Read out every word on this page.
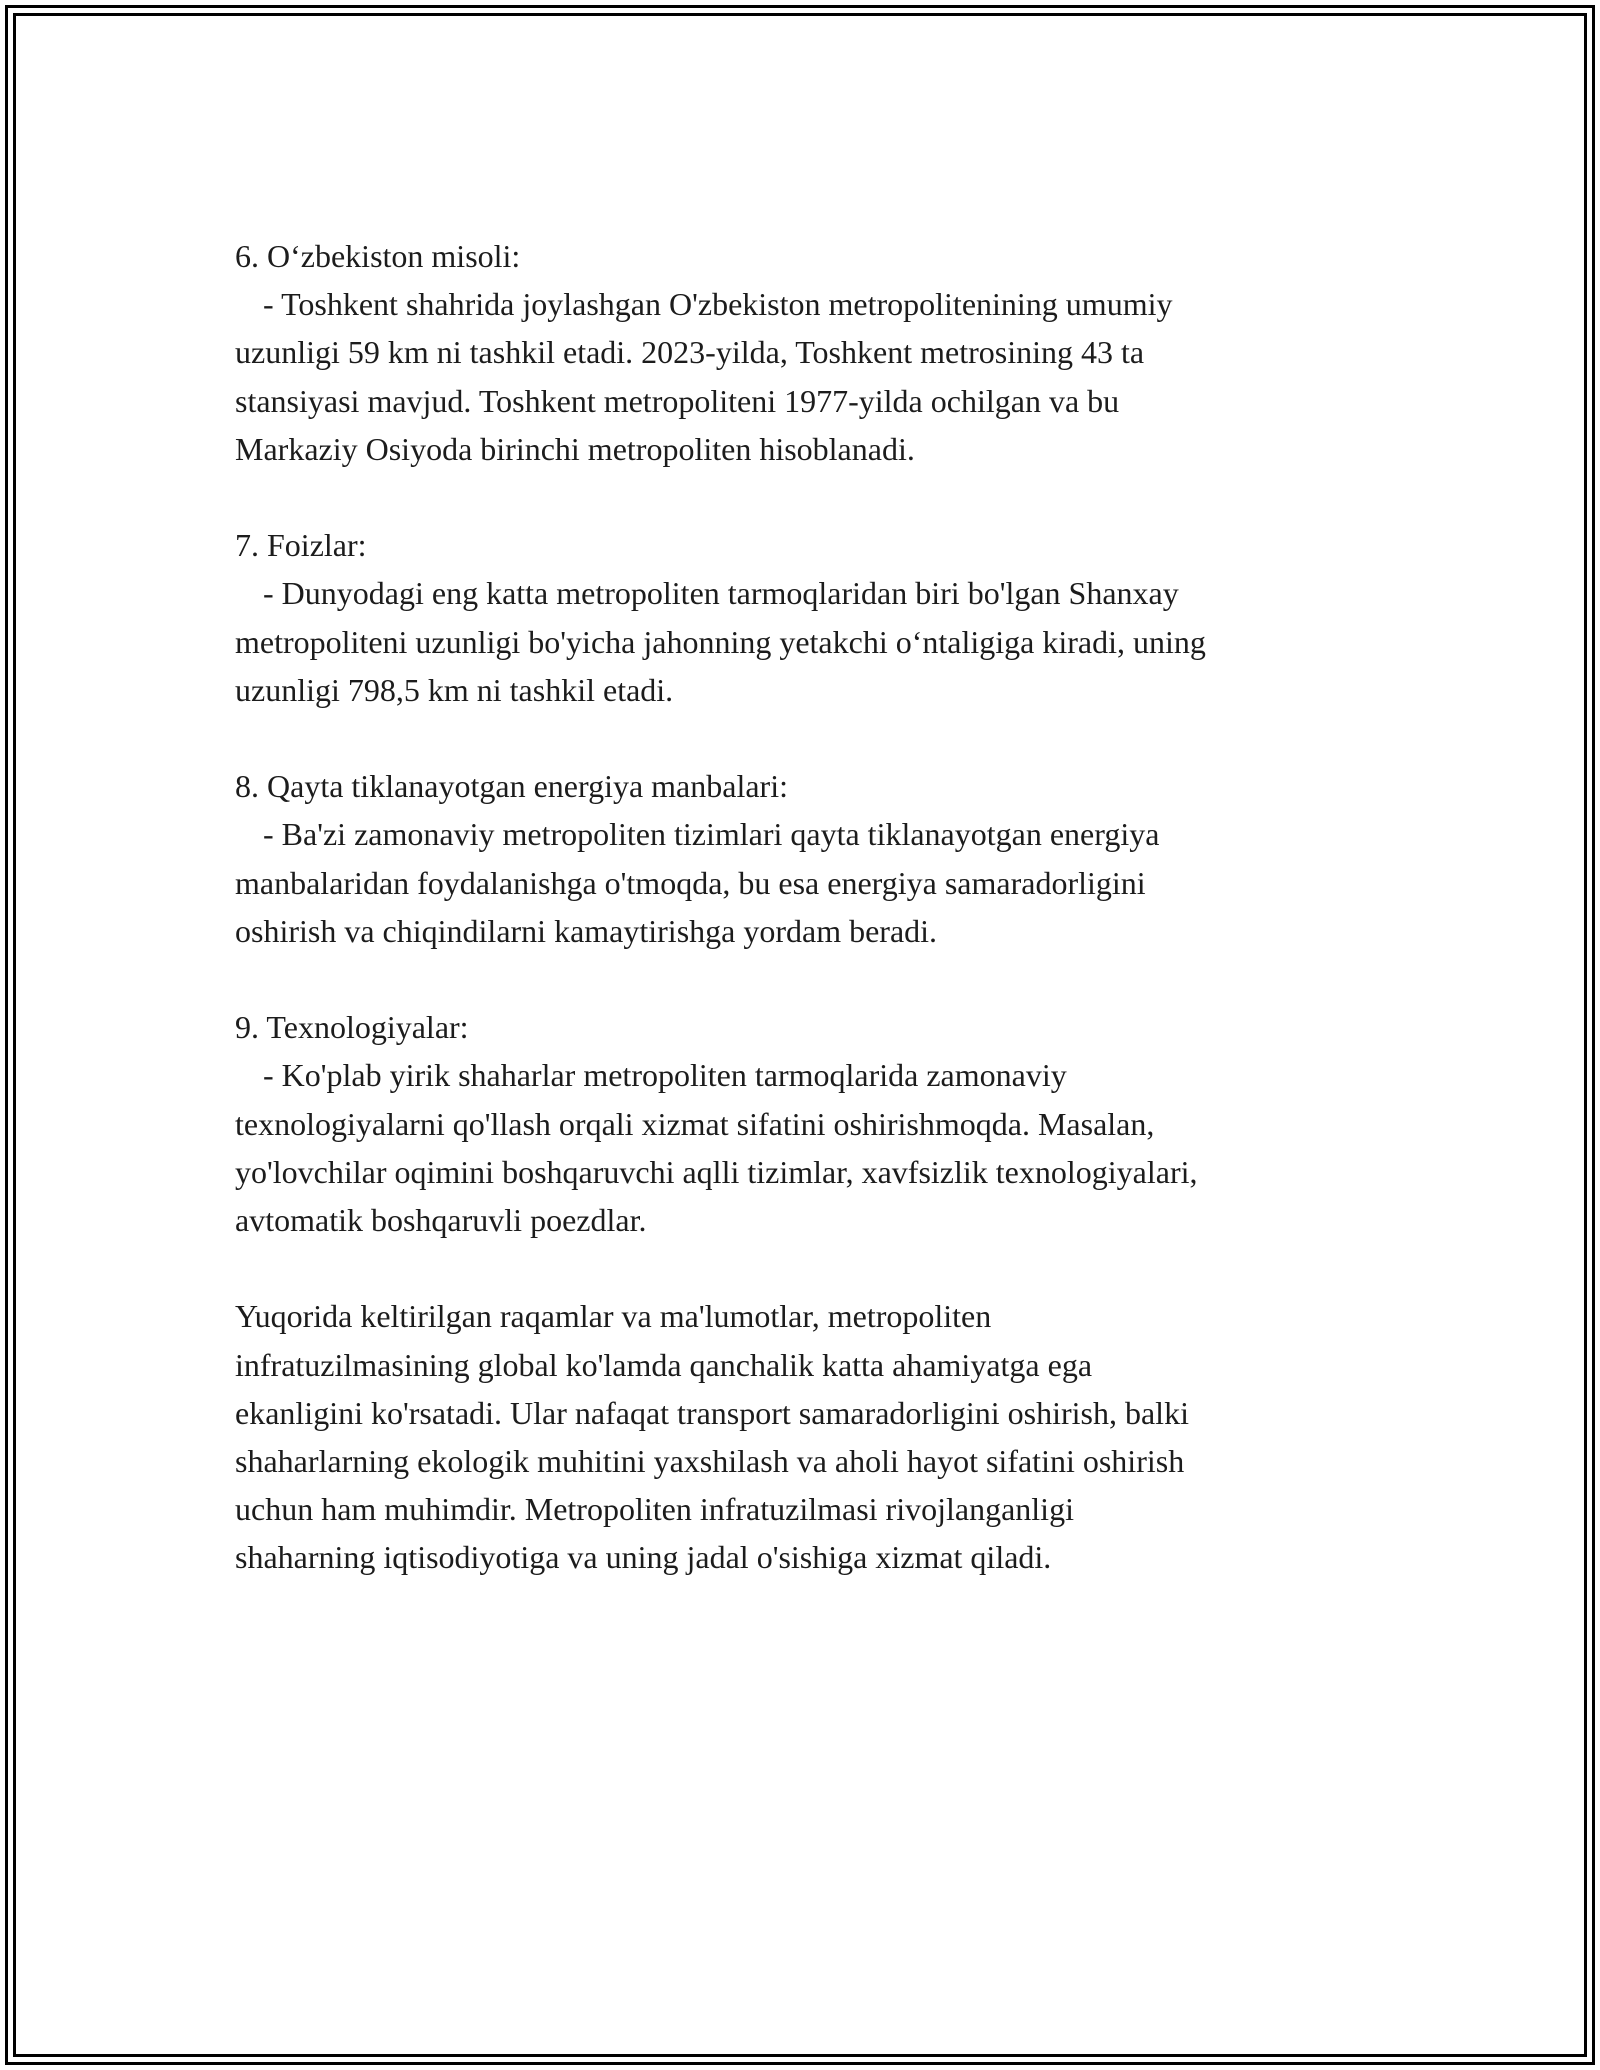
6. O‘zbekiston misoli:

- Toshkent shahrida joylashgan O'zbekiston metropolitenining umumiy

uzunligi 59 km ni tashkil etadi. 2023-yilda, Toshkent metrosining 43 ta

stansiyasi mavjud. Toshkent metropoliteni 1977-yilda ochilgan va bu

Markaziy Osiyoda birinchi metropoliten hisoblanadi.

7. Foizlar:

- Dunyodagi eng katta metropoliten tarmoqlaridan biri bo'lgan Shanxay

metropoliteni uzunligi bo'yicha jahonning yetakchi o‘ntaligiga kiradi, uning

uzunligi 798,5 km ni tashkil etadi.

8. Qayta tiklanayotgan energiya manbalari:

- Ba'zi zamonaviy metropoliten tizimlari qayta tiklanayotgan energiya

manbalaridan foydalanishga o'tmoqda, bu esa energiya samaradorligini

oshirish va chiqindilarni kamaytirishga yordam beradi.

9. Texnologiyalar:

- Ko'plab yirik shaharlar metropoliten tarmoqlarida zamonaviy

texnologiyalarni qo'llash orqali xizmat sifatini oshirishmoqda. Masalan,

yo'lovchilar oqimini boshqaruvchi aqlli tizimlar, xavfsizlik texnologiyalari,

avtomatik boshqaruvli poezdlar.

Yuqorida keltirilgan raqamlar va ma'lumotlar, metropoliten

infratuzilmasining global ko'lamda qanchalik katta ahamiyatga ega

ekanligini ko'rsatadi. Ular nafaqat transport samaradorligini oshirish, balki

shaharlarning ekologik muhitini yaxshilash va aholi hayot sifatini oshirish

uchun ham muhimdir. Metropoliten infratuzilmasi rivojlanganligi

shaharning iqtisodiyotiga va uning jadal o'sishiga xizmat qiladi.
